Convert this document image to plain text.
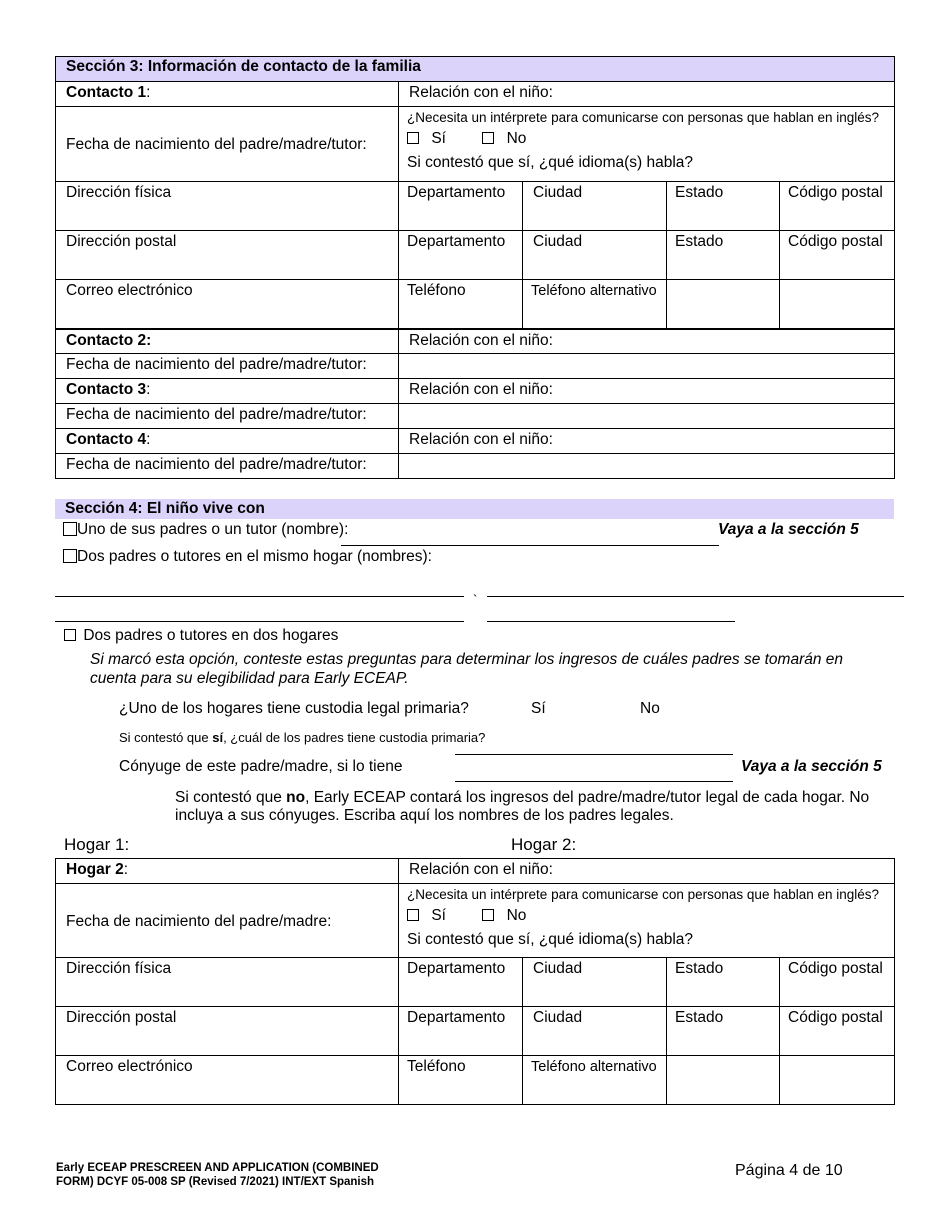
Sección 3: Información de contacto de la familia				
Contacto 1:	Relación con el niño:			
Fecha de nacimiento del padre/madre/tutor:	¿Necesita un intérprete para comunicarse con personas que hablan en inglés?
Sí No
Si contestó que sí, ¿qué idioma(s) habla?			

Dirección física	Departamento	Ciudad	Estado	Código postal
Dirección postal	Departamento	Ciudad	Estado	Código postal
Correo electrónico	Teléfono	Teléfono alternativo		
Contacto 2:	Relación con el niño:			
Fecha de nacimiento del padre/madre/tutor:				
Contacto 3:	Relación con el niño:			
Fecha de nacimiento del padre/madre/tutor:				
Contacto 4:	Relación con el niño:			
Fecha de nacimiento del padre/madre/tutor:				
Sección 4: El niño vive con
Uno de sus padres o un tutor (nombre):	Vaya a la sección 5
Dos padres o tutores en el mismo hogar (nombres):
`
Dos padres o tutores en dos hogares
Si marcó esta opción, conteste estas preguntas para determinar los ingresos de cuáles padres se tomarán en cuenta para su elegibilidad para Early ECEAP.
¿Uno de los hogares tiene custodia legal primaria?	Sí	No
Si contestó que sí, ¿cuál de los padres tiene custodia primaria?
Cónyuge de este padre/madre, si lo tiene	Vaya a la sección 5
Si contestó que no, Early ECEAP contará los ingresos del padre/madre/tutor legal de cada hogar. No incluya a sus cónyuges. Escriba aquí los nombres de los padres legales.
Hogar 1:	Hogar 2:
Hogar 2:	Relación con el niño:			
Fecha de nacimiento del padre/madre:	¿Necesita un intérprete para comunicarse con personas que hablan en inglés?
Sí No
Si contestó que sí, ¿qué idioma(s) habla?			

Dirección física	Departamento	Ciudad	Estado	Código postal
Dirección postal	Departamento	Ciudad	Estado	Código postal
Correo electrónico	Teléfono	Teléfono alternativo		
Early ECEAP PRESCREEN AND APPLICATION (COMBINED
FORM) DCYF 05-008 SP (Revised 7/2021) INT/EXT Spanish
Página 4 de 10
